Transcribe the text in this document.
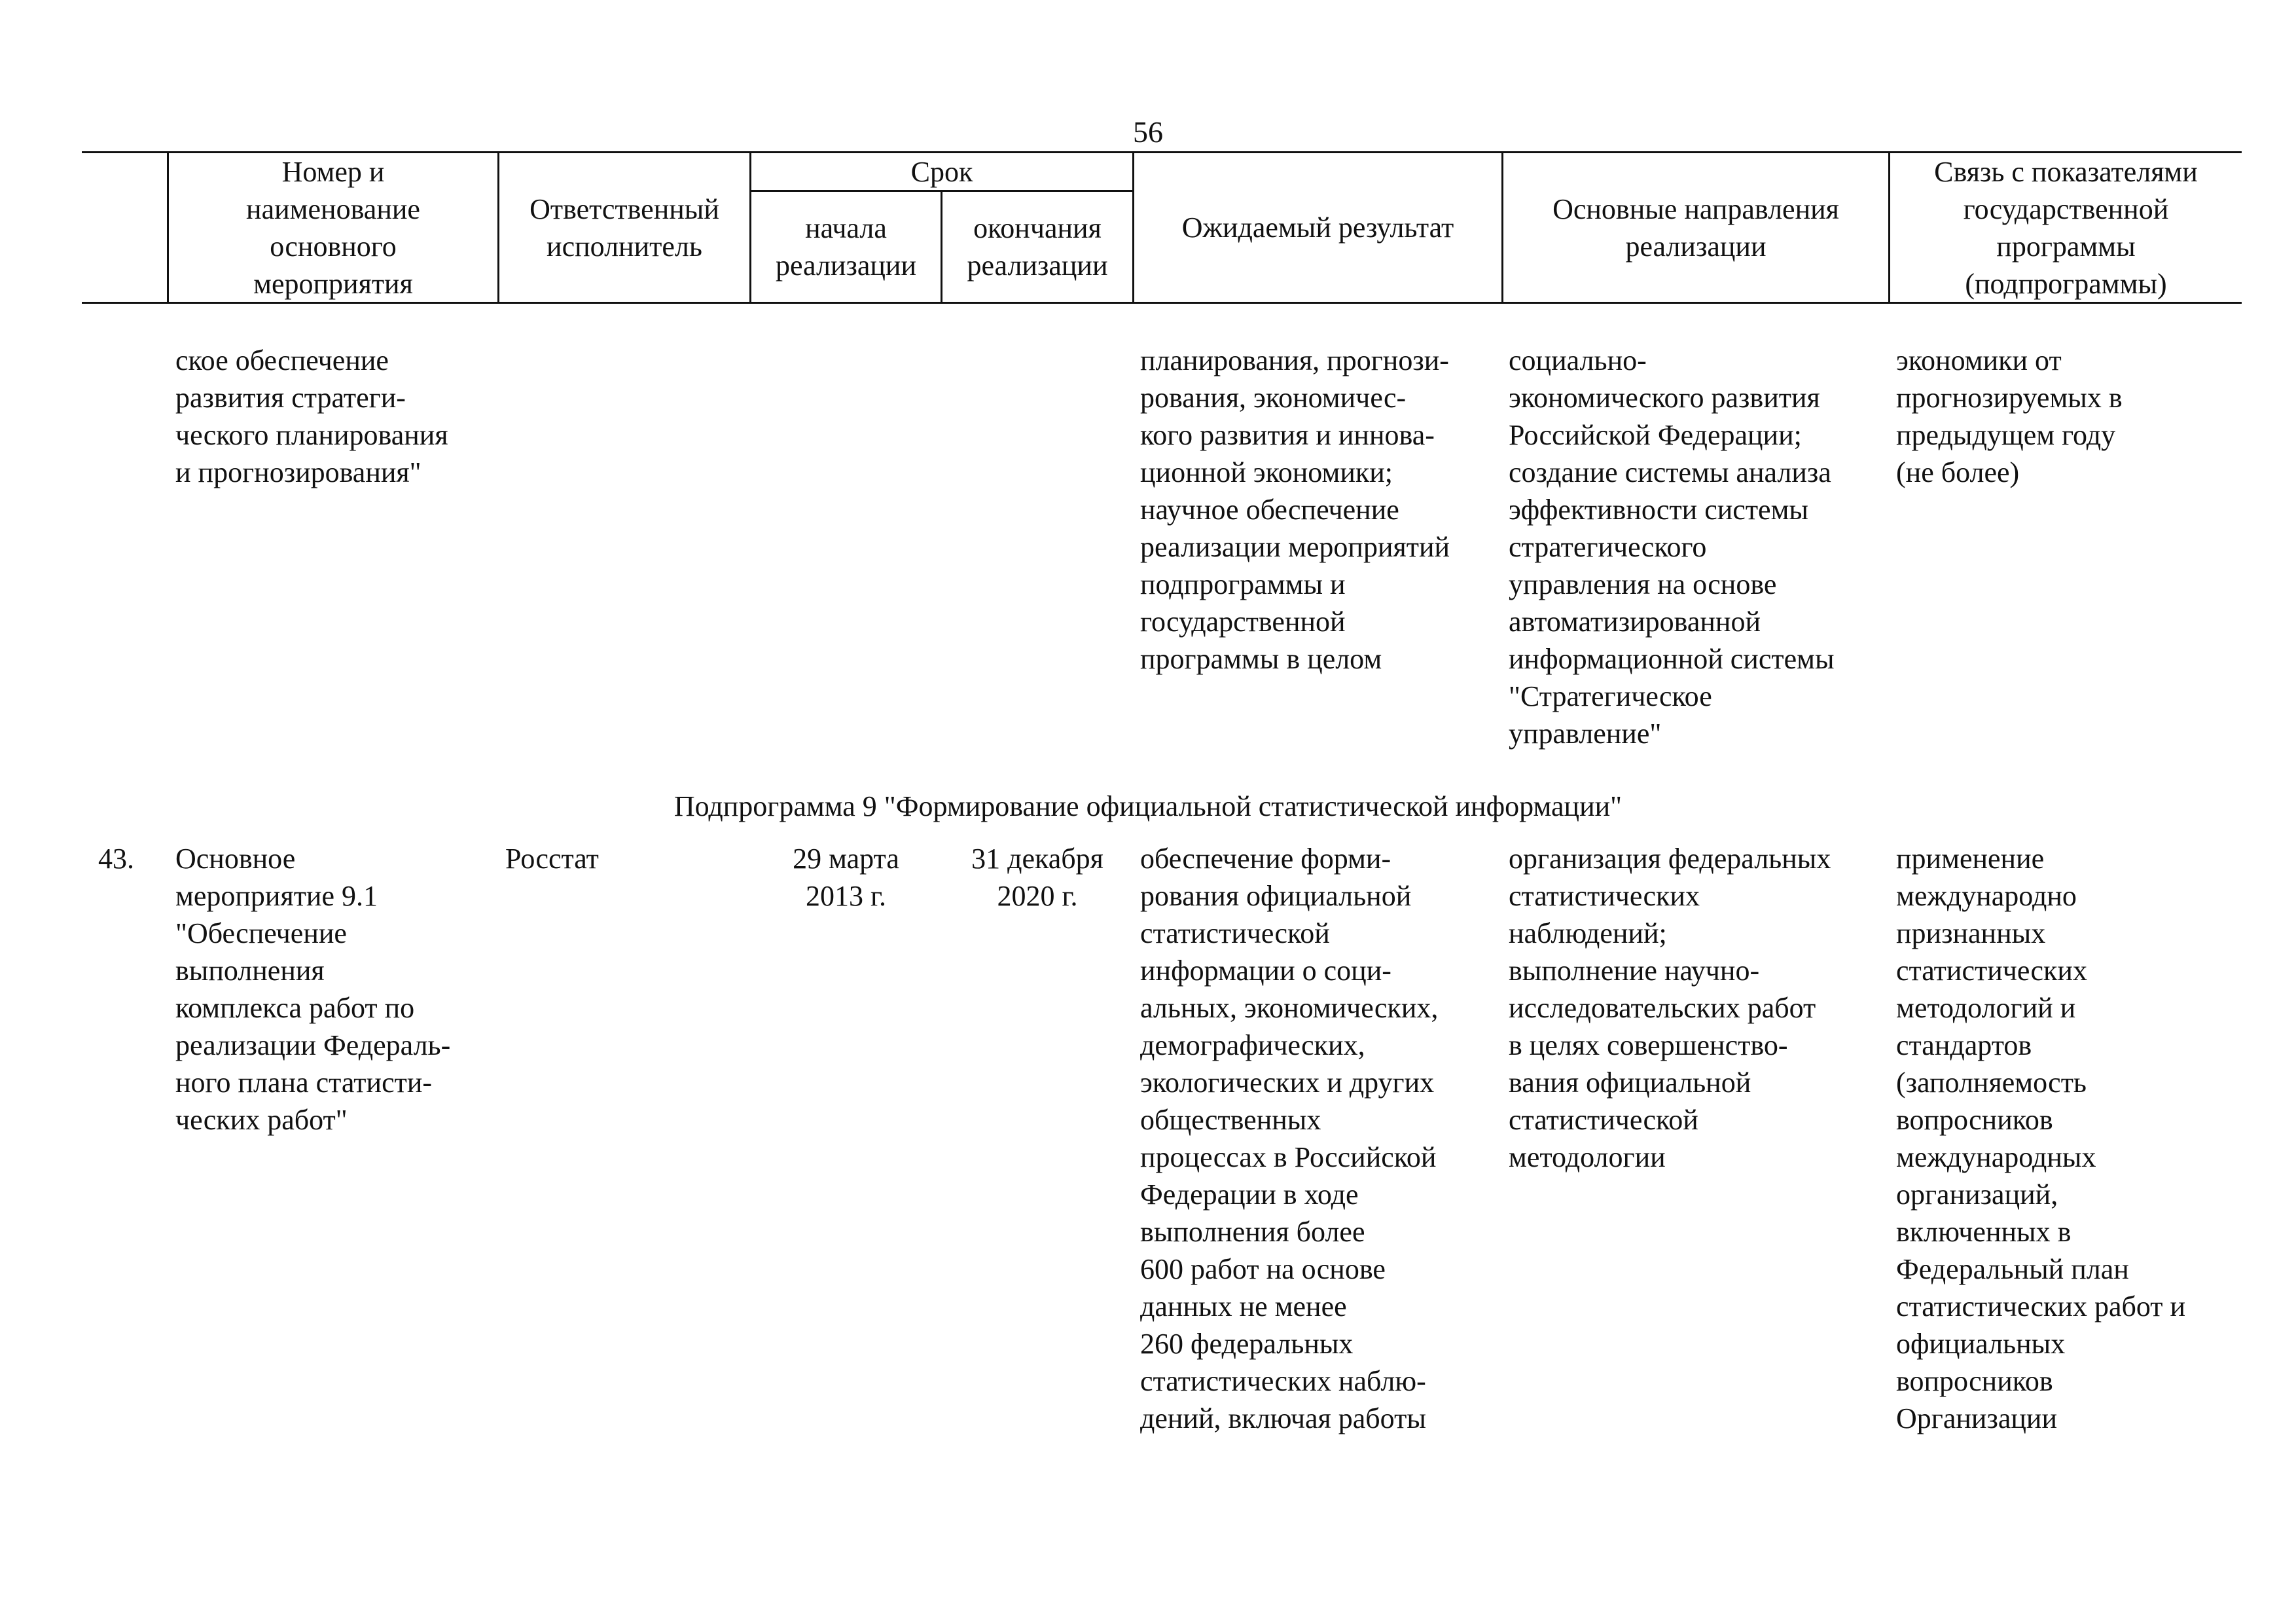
56
Номер и
наименование
основного
мероприятия
Ответственный
исполнитель
Срок
начала
реализации
окончания
реализации
Ожидаемый результат
Основные направления
реализации
Связь с показателями
государственной
программы
(подпрограммы)
ское обеспечение
развития стратеги-
ческого планирования
и прогнозирования"
планирования, прогнози-
рования, экономичес-
кого развития и иннова-
ционной экономики;
научное обеспечение
реализации мероприятий
подпрограммы и
государственной
программы в целом
социально-
экономического развития
Российской Федерации;
создание системы анализа
эффективности системы
стратегического
управления на основе
автоматизированной
информационной системы
"Стратегическое
управление"
экономики от
прогнозируемых в
предыдущем году
(не более)
Подпрограмма 9 "Формирование официальной статистической информации"
43.	Основное
мероприятие 9.1
"Обеспечение
выполнения
комплекса работ по
реализации Федераль-
ного плана статисти-
ческих работ"
Росстат	29 марта
2013 г.
31 декабря
2020 г.
обеспечение форми-
рования официальной
статистической
информации о соци-
альных, экономических,
демографических,
экологических и других
общественных
процессах в Российской
Федерации в ходе
выполнения более
600 работ на основе
данных не менее
260 федеральных
статистических наблю-
дений, включая работы
организация федеральных
статистических
наблюдений;
выполнение научно-
исследовательских работ
в целях совершенство-
вания официальной
статистической
методологии
применение
международно
признанных
статистических
методологий и
стандартов
(заполняемость
вопросников
международных
организаций,
включенных в
Федеральный план
статистических работ и
официальных
вопросников
Организации
